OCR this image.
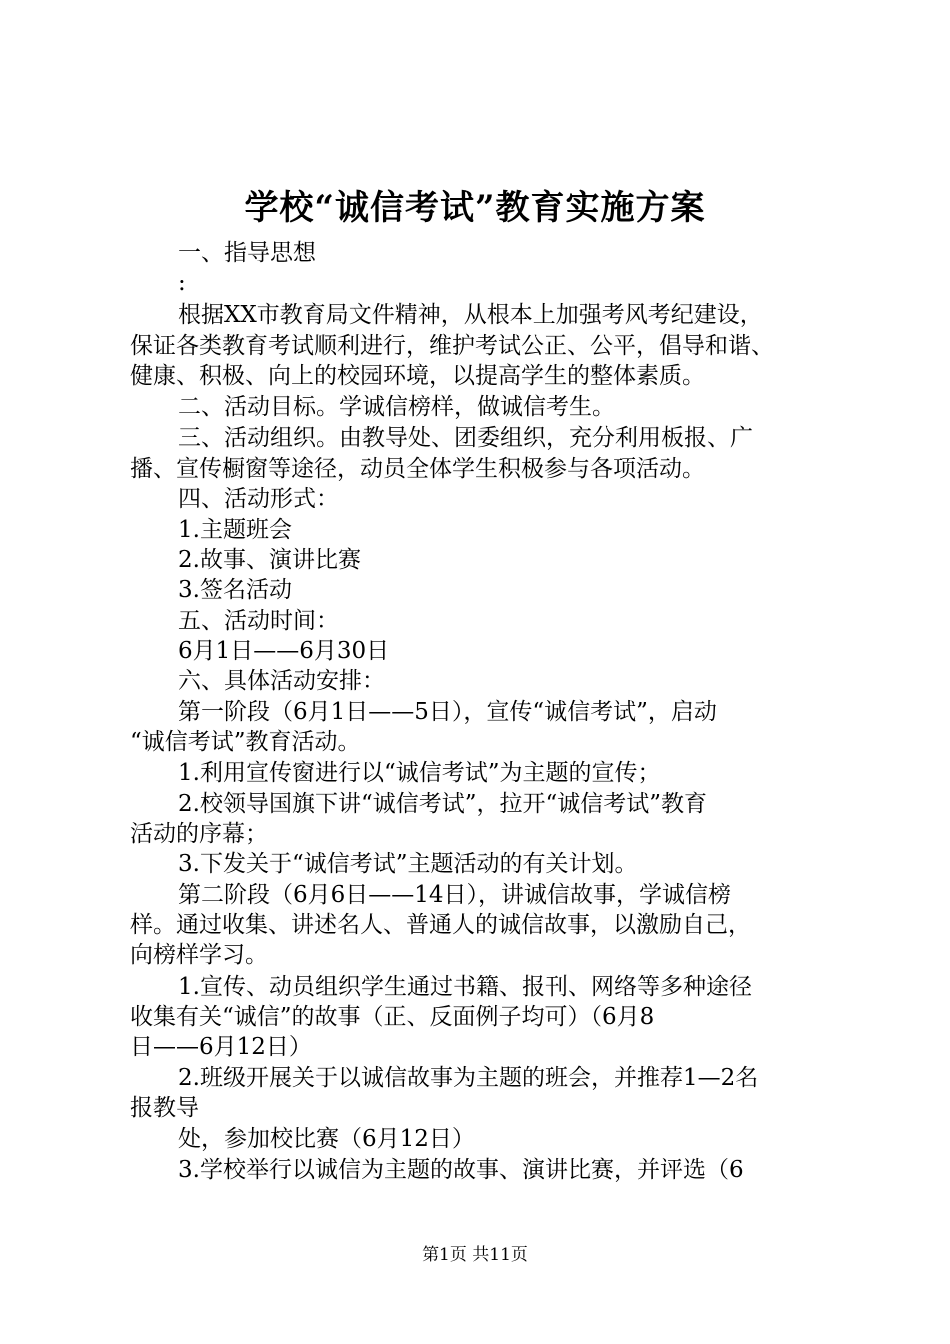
学校“诚信考试”教育实施方案
一、指导思想
:
根据XX市教育局文件精神，从根本上加强考风考纪建设，
保证各类教育考试顺利进行，维护考试公正、公平，倡导和谐、
健康、积极、向上的校园环境，以提高学生的整体素质。
二、活动目标。学诚信榜样，做诚信考生。
三、活动组织。由教导处、团委组织，充分利用板报、广
播、宣传橱窗等途径，动员全体学生积极参与各项活动。
四、活动形式：
1.主题班会
2.故事、演讲比赛
3.签名活动
五、活动时间：
6月1日——6月30日
六、具体活动安排：
第一阶段（6月1日——5日），宣传“诚信考试”，启动
“诚信考试”教育活动。
1.利用宣传窗进行以“诚信考试”为主题的宣传；
2.校领导国旗下讲“诚信考试”，拉开“诚信考试”教育
活动的序幕；
3.下发关于“诚信考试”主题活动的有关计划。
第二阶段（6月6日——14日），讲诚信故事，学诚信榜
样。通过收集、讲述名人、普通人的诚信故事，以激励自己，
向榜样学习。
1.宣传、动员组织学生通过书籍、报刊、网络等多种途径
收集有关“诚信”的故事（正、反面例子均可）（6月8
日——6月12日）
2.班级开展关于以诚信故事为主题的班会，并推荐1—2名
报教导
处，参加校比赛（6月12日）
3.学校举行以诚信为主题的故事、演讲比赛，并评选（6
第1页 共11页
